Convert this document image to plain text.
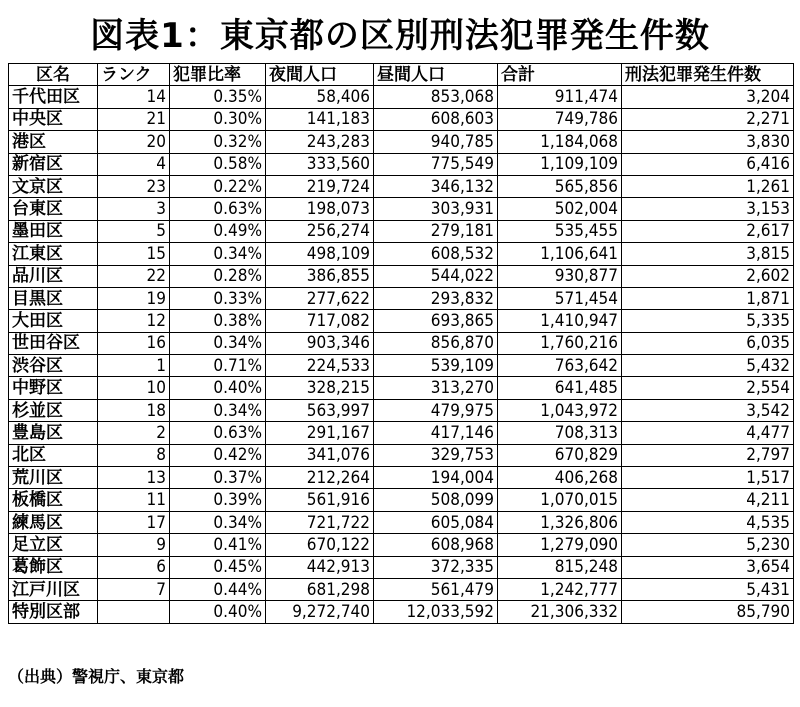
図表1：東京都の区別刑法犯罪発生件数
区名	ランク	犯罪比率	夜間人口	昼間人口	合計	刑法犯罪発生件数
千代田区	14	0.35%	58,406	853,068	911,474	3,204
中央区	21	0.30%	141,183	608,603	749,786	2,271
港区	20	0.32%	243,283	940,785	1,184,068	3,830
新宿区	4	0.58%	333,560	775,549	1,109,109	6,416
文京区	23	0.22%	219,724	346,132	565,856	1,261
台東区	3	0.63%	198,073	303,931	502,004	3,153
墨田区	5	0.49%	256,274	279,181	535,455	2,617
江東区	15	0.34%	498,109	608,532	1,106,641	3,815
品川区	22	0.28%	386,855	544,022	930,877	2,602
目黒区	19	0.33%	277,622	293,832	571,454	1,871
大田区	12	0.38%	717,082	693,865	1,410,947	5,335
世田谷区	16	0.34%	903,346	856,870	1,760,216	6,035
渋谷区	1	0.71%	224,533	539,109	763,642	5,432
中野区	10	0.40%	328,215	313,270	641,485	2,554
杉並区	18	0.34%	563,997	479,975	1,043,972	3,542
豊島区	2	0.63%	291,167	417,146	708,313	4,477
北区	8	0.42%	341,076	329,753	670,829	2,797
荒川区	13	0.37%	212,264	194,004	406,268	1,517
板橋区	11	0.39%	561,916	508,099	1,070,015	4,211
練馬区	17	0.34%	721,722	605,084	1,326,806	4,535
足立区	9	0.41%	670,122	608,968	1,279,090	5,230
葛飾区	6	0.45%	442,913	372,335	815,248	3,654
江戸川区	7	0.44%	681,298	561,479	1,242,777	5,431
特別区部		0.40%	9,272,740	12,033,592	21,306,332	85,790
（出典）警視庁、東京都
